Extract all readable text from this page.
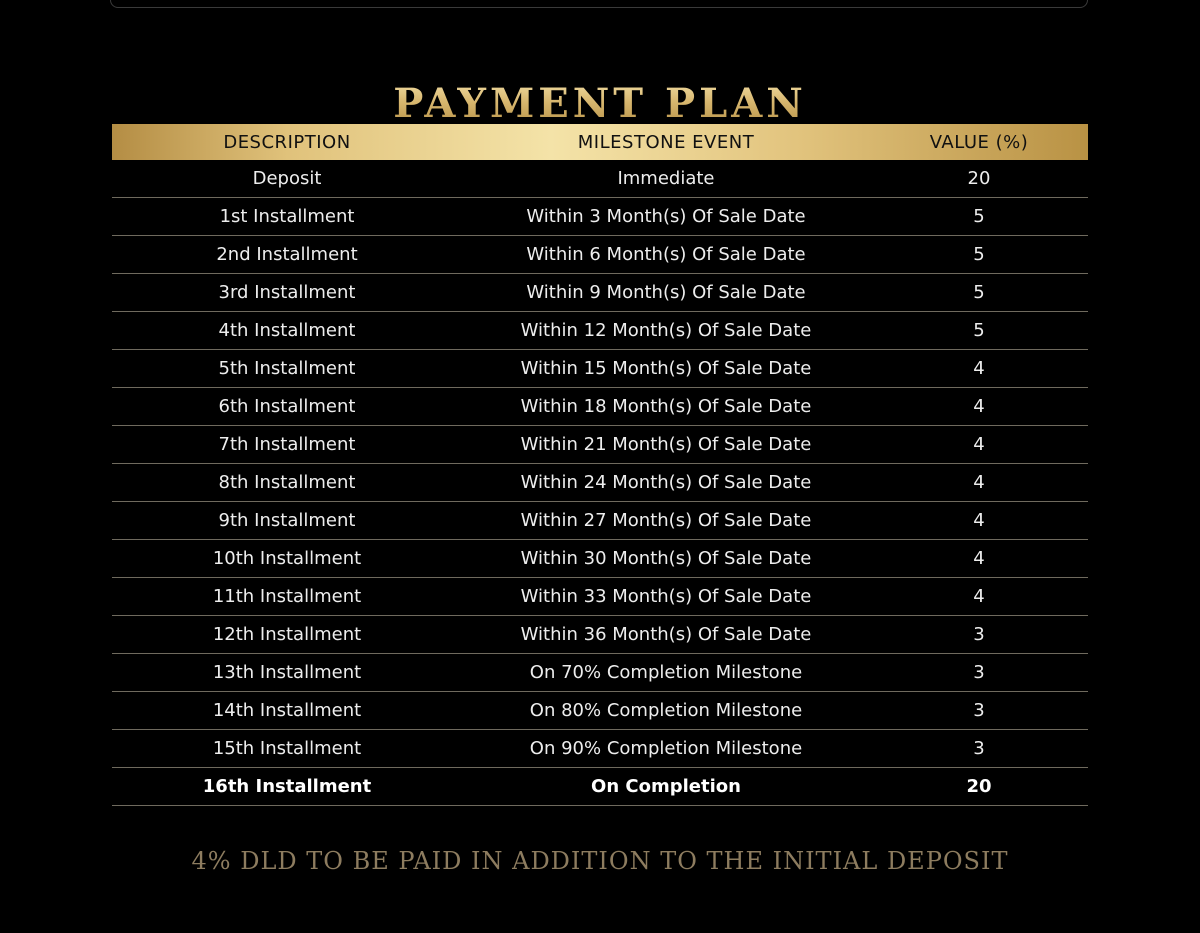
PAYMENT PLAN
DESCRIPTION	MILESTONE EVENT	VALUE (%)
Deposit	Immediate	20
1st Installment	Within 3 Month(s) Of Sale Date	5
2nd Installment	Within 6 Month(s) Of Sale Date	5
3rd Installment	Within 9 Month(s) Of Sale Date	5
4th Installment	Within 12 Month(s) Of Sale Date	5
5th Installment	Within 15 Month(s) Of Sale Date	4
6th Installment	Within 18 Month(s) Of Sale Date	4
7th Installment	Within 21 Month(s) Of Sale Date	4
8th Installment	Within 24 Month(s) Of Sale Date	4
9th Installment	Within 27 Month(s) Of Sale Date	4
10th Installment	Within 30 Month(s) Of Sale Date	4
11th Installment	Within 33 Month(s) Of Sale Date	4
12th Installment	Within 36 Month(s) Of Sale Date	3
13th Installment	On 70% Completion Milestone	3
14th Installment	On 80% Completion Milestone	3
15th Installment	On 90% Completion Milestone	3
16th Installment	On Completion	20
4% DLD TO BE PAID IN ADDITION TO THE INITIAL DEPOSIT
